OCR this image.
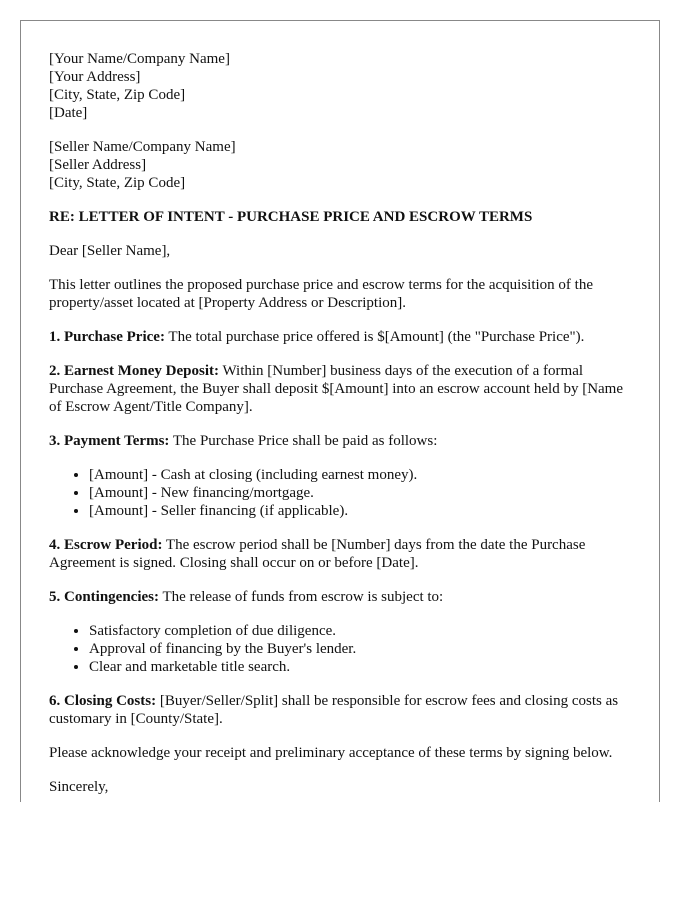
[Your Name/Company Name]
[Your Address]
[City, State, Zip Code]
[Date]
[Seller Name/Company Name]
[Seller Address]
[City, State, Zip Code]
RE: LETTER OF INTENT - PURCHASE PRICE AND ESCROW TERMS

Dear [Seller Name],

This letter outlines the proposed purchase price and escrow terms for the acquisition of the property/asset located at [Property Address or Description].

1. Purchase Price: The total purchase price offered is $[Amount] (the "Purchase Price").

2. Earnest Money Deposit: Within [Number] business days of the execution of a formal Purchase Agreement, the Buyer shall deposit $[Amount] into an escrow account held by [Name of Escrow Agent/Title Company].

3. Payment Terms: The Purchase Price shall be paid as follows:

• [Amount] - Cash at closing (including earnest money).
• [Amount] - New financing/mortgage.
• [Amount] - Seller financing (if applicable).

4. Escrow Period: The escrow period shall be [Number] days from the date the Purchase Agreement is signed. Closing shall occur on or before [Date].

5. Contingencies: The release of funds from escrow is subject to:

• Satisfactory completion of due diligence.
• Approval of financing by the Buyer's lender.
• Clear and marketable title search.

6. Closing Costs: [Buyer/Seller/Split] shall be responsible for escrow fees and closing costs as customary in [County/State].

Please acknowledge your receipt and preliminary acceptance of these terms by signing below.

Sincerely,
